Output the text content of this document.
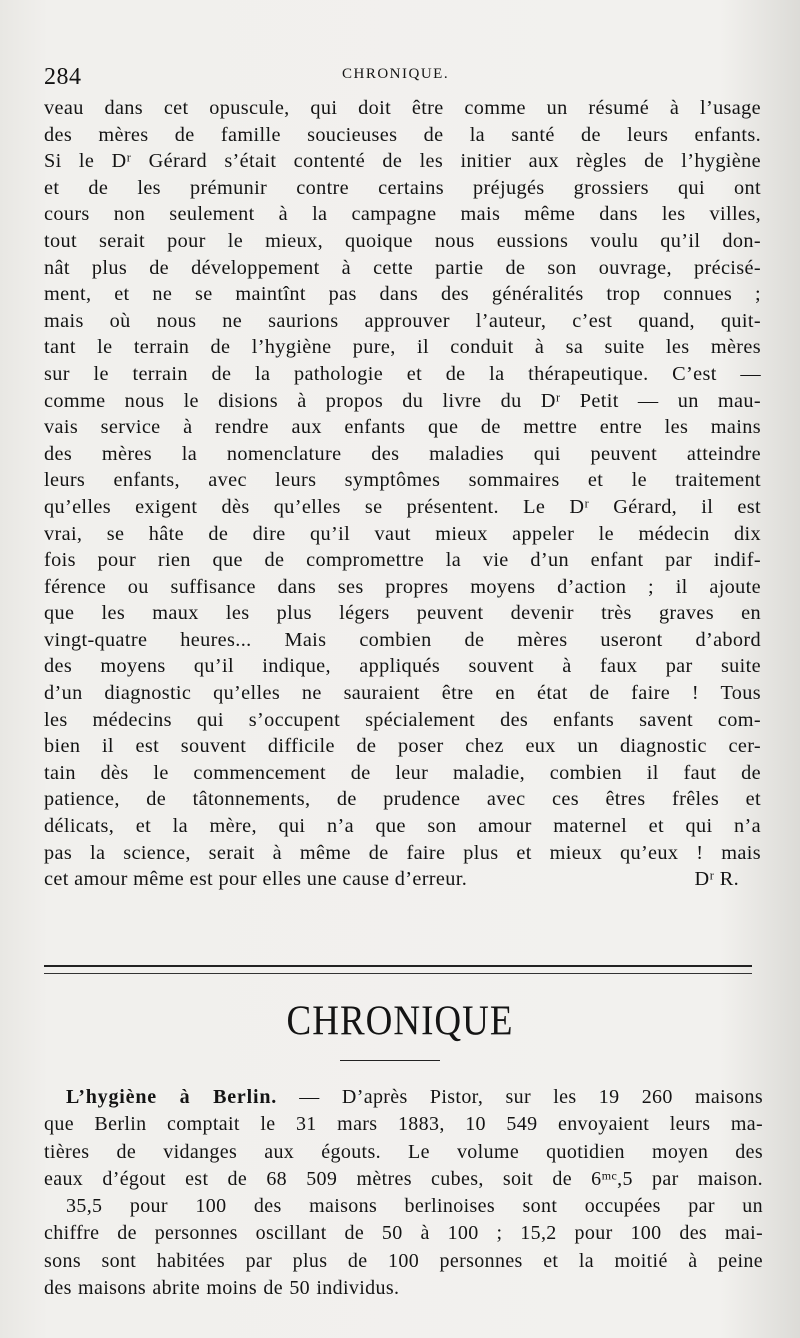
284	CHRONIQUE.
veau dans cet opuscule, qui doit être comme un résumé à l’usage
des mères de famille soucieuses de la santé de leurs enfants.
Si le Dʳ Gérard s’était contenté de les initier aux règles de l’hygiène
et de les prémunir contre certains préjugés grossiers qui ont
cours non seulement à la campagne mais même dans les villes,
tout serait pour le mieux, quoique nous eussions voulu qu’il don-
nât plus de développement à cette partie de son ouvrage, précisé-
ment, et ne se maintînt pas dans des généralités trop connues ;
mais où nous ne saurions approuver l’auteur, c’est quand, quit-
tant le terrain de l’hygiène pure, il conduit à sa suite les mères
sur le terrain de la pathologie et de la thérapeutique. C’est —
comme nous le disions à propos du livre du Dʳ Petit — un mau-
vais service à rendre aux enfants que de mettre entre les mains
des mères la nomenclature des maladies qui peuvent atteindre
leurs enfants, avec leurs symptômes sommaires et le traitement
qu’elles exigent dès qu’elles se présentent. Le Dʳ Gérard, il est
vrai, se hâte de dire qu’il vaut mieux appeler le médecin dix
fois pour rien que de compromettre la vie d’un enfant par indif-
férence ou suffisance dans ses propres moyens d’action ; il ajoute
que les maux les plus légers peuvent devenir très graves en
vingt-quatre heures... Mais combien de mères useront d’abord
des moyens qu’il indique, appliqués souvent à faux par suite
d’un diagnostic qu’elles ne sauraient être en état de faire ! Tous
les médecins qui s’occupent spécialement des enfants savent com-
bien il est souvent difficile de poser chez eux un diagnostic cer-
tain dès le commencement de leur maladie, combien il faut de
patience, de tâtonnements, de prudence avec ces êtres frêles et
délicats, et la mère, qui n’a que son amour maternel et qui n’a
pas la science, serait à même de faire plus et mieux qu’eux ! mais
cet amour même est pour elles une cause d’erreur.	Dʳ R.
CHRONIQUE
L’hygiène à Berlin. — D’après Pistor, sur les 19 260 maisons
que Berlin comptait le 31 mars 1883, 10 549 envoyaient leurs ma-
tières de vidanges aux égouts. Le volume quotidien moyen des
eaux d’égout est de 68 509 mètres cubes, soit de 6ᵐᶜ,5 par maison.
35,5 pour 100 des maisons berlinoises sont occupées par un
chiffre de personnes oscillant de 50 à 100 ; 15,2 pour 100 des mai-
sons sont habitées par plus de 100 personnes et la moitié à peine
des maisons abrite moins de 50 individus.
